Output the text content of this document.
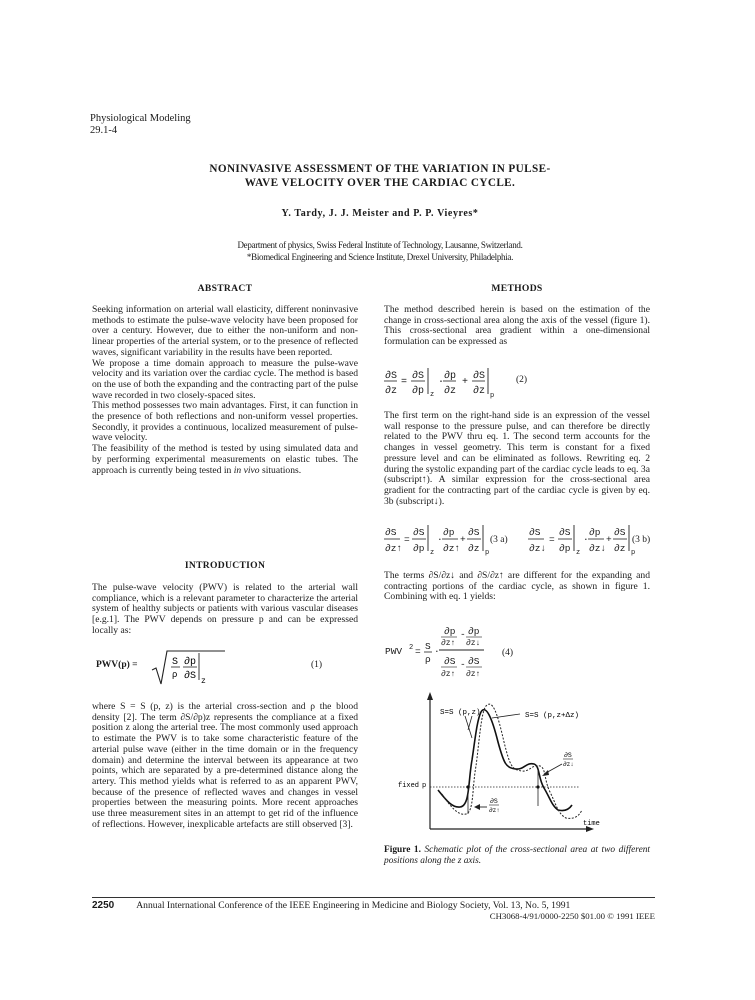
Physiological Modeling
29.1-4
NONINVASIVE ASSESSMENT OF THE VARIATION IN PULSE-
WAVE VELOCITY OVER THE CARDIAC CYCLE.
Y. Tardy, J. J. Meister and P. P. Vieyres*
Department of physics, Swiss Federal Institute of Technology, Lausanne, Switzerland.
*Biomedical Engineering and Science Institute, Drexel University, Philadelphia.
ABSTRACT

Seeking information on arterial wall elasticity, different noninvasive methods to estimate the pulse-wave velocity have been proposed for over a century. However, due to either the non-uniform and non-linear properties of the arterial system, or to the presence of reflected waves, significant variability in the results have been reported.

We propose a time domain approach to measure the pulse-wave velocity and its variation over the cardiac cycle. The method is based on the use of both the expanding and the contracting part of the pulse wave recorded in two closely-spaced sites.

This method possesses two main advantages. First, it can function in the presence of both reflections and non-uniform vessel properties. Secondly, it provides a continuous, localized measurement of pulse-wave velocity.

The feasibility of the method is tested by using simulated data and by performing experimental measurements on elastic tubes. The approach is currently being tested in in vivo situations.

INTRODUCTION
The pulse-wave velocity (PWV) is related to the arterial wall compliance, which is a relevant parameter to characterize the arterial system of healthy subjects or patients with various vascular diseases [e.g.1]. The PWV depends on pressure p and can be expressed locally as:
PWV(p) =	S
ρ
∂p
∂S z
(1)
where S = S (p, z) is the arterial cross-section and ρ the blood density [2]. The term ∂S/∂p)z represents the compliance at a fixed position z along the arterial tree. The most commonly used approach to estimate the PWV is to take some characteristic feature of the arterial pulse wave (either in the time domain or in the frequency domain) and determine the interval between its appearance at two points, which are separated by a pre-determined distance along the artery. This method yields what is referred to as an apparent PWV, because of the presence of reflected waves and changes in vessel properties between the measuring points. More recent approaches use three measurement sites in an attempt to get rid of the influence of reflections. However, inexplicable artefacts are still observed [3].
METHODS
The method described herein is based on the estimation of the change in cross-sectional area along the axis of the vessel (figure 1). This cross-sectional area gradient within a one-dimensional formulation can be expressed as
∂S
∂z
=
∂S
∂p z
·
∂p
∂z
+
∂S
∂z p
(2)
The first term on the right-hand side is an expression of the vessel wall response to the pressure pulse, and can therefore be directly related to the PWV thru eq. 1. The second term accounts for the changes in vessel geometry. This term is constant for a fixed pressure level and can be eliminated as follows. Rewriting eq. 2 during the systolic expanding part of the cardiac cycle leads to eq. 3a (subscript↑). A similar expression for the cross-sectional area gradient for the contracting part of the cardiac cycle is given by eq. 3b (subscript↓).
∂S
∂z↑
=
∂S
∂p z
·
∂p
∂z↑
+
∂S
∂z p
∂S
∂z↓
=
∂S
∂p z
·
∂p
∂z↓
+
∂S
∂z p
(3 a)	(3 b)
The terms ∂S/∂z↓ and ∂S/∂z↑ are different for the expanding and contracting portions of the cardiac cycle, as shown in figure 1. Combining with eq. 1 yields:
PWV 2 = S
ρ
·
∂p
∂z↑
- ∂p
∂z↓
∂S
∂z↑
- ∂S
∂z↑
(4)
time
fixed p
S=S (p,z)	S=S (p,z+Δz)
∂S
∂z↓
∂S
∂z↑
Figure 1. Schematic plot of the cross-sectional area at two different positions along the z axis.
2250 Annual International Conference of the IEEE Engineering in Medicine and Biology Society, Vol. 13, No. 5, 1991
CH3068-4/91/0000-2250 $01.00 © 1991 IEEE
